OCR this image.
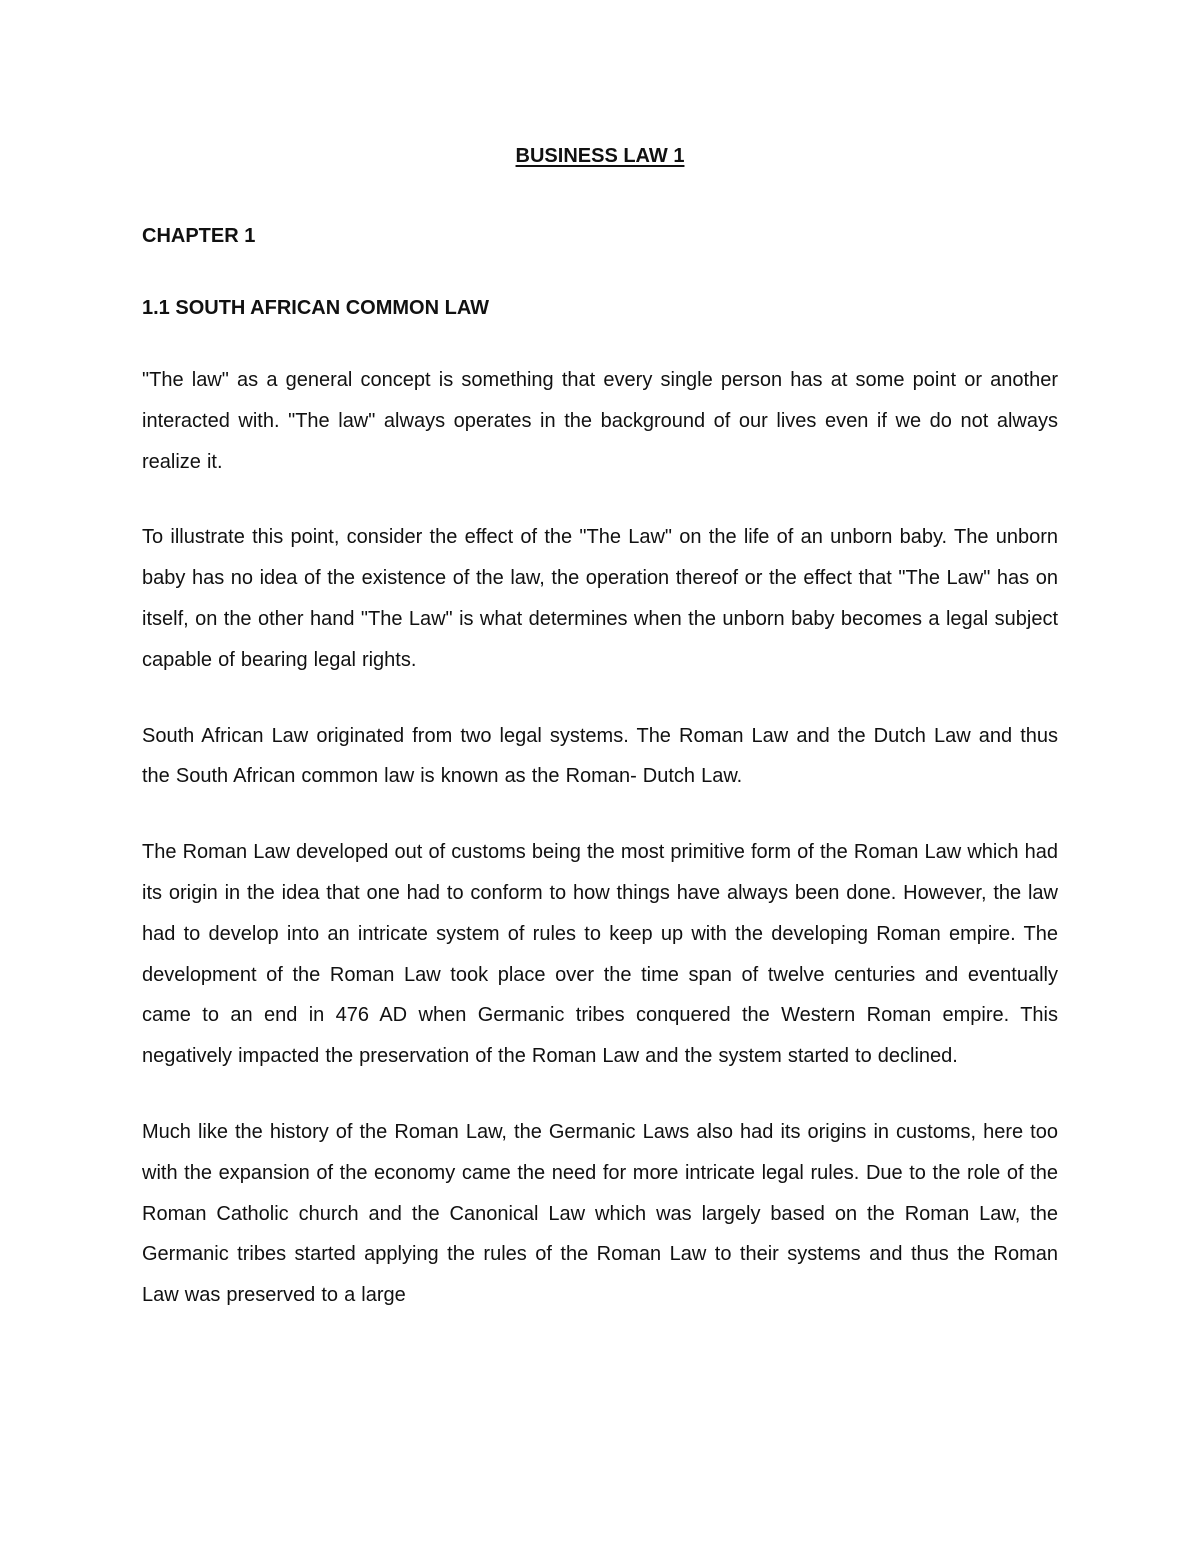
BUSINESS LAW 1
CHAPTER 1
1.1 SOUTH AFRICAN COMMON LAW

"The law" as a general concept is something that every single person has at some point or another interacted with. "The law" always operates in the background of our lives even if we do not always realize it.

To illustrate this point, consider the effect of the "The Law" on the life of an unborn baby. The unborn baby has no idea of the existence of the law, the operation thereof or the effect that "The Law" has on itself, on the other hand "The Law" is what determines when the unborn baby becomes a legal subject capable of bearing legal rights.

South African Law originated from two legal systems. The Roman Law and the Dutch Law and thus the South African common law is known as the Roman- Dutch Law.

The Roman Law developed out of customs being the most primitive form of the Roman Law which had its origin in the idea that one had to conform to how things have always been done. However, the law had to develop into an intricate system of rules to keep up with the developing Roman empire. The development of the Roman Law took place over the time span of twelve centuries and eventually came to an end in 476 AD when Germanic tribes conquered the Western Roman empire. This negatively impacted the preservation of the Roman Law and the system started to declined.

Much like the history of the Roman Law, the Germanic Laws also had its origins in customs, here too with the expansion of the economy came the need for more intricate legal rules. Due to the role of the Roman Catholic church and the Canonical Law which was largely based on the Roman Law, the Germanic tribes started applying the rules of the Roman Law to their systems and thus the Roman Law was preserved to a large
